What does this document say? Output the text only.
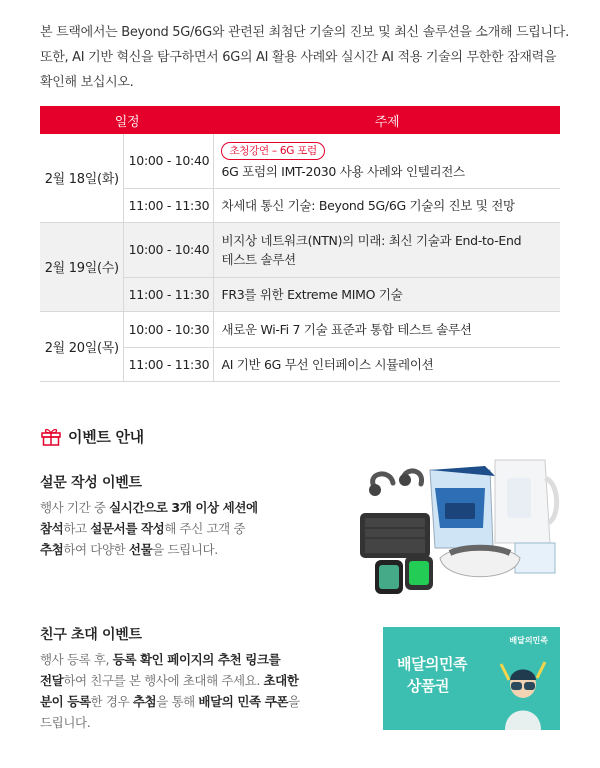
본 트랙에서는 Beyond 5G/6G와 관련된 최첨단 기술의 진보 및 최신 솔루션을 소개해 드립니다.
또한, AI 기반 혁신을 탐구하면서 6G의 AI 활용 사례와 실시간 AI 적용 기술의 무한한 잠재력을
확인해 보십시오.
일정		주제
2월 18일(화)	10:00 - 10:40	초청강연 – 6G 포럼
6G 포럼의 IMT-2030 사용 사례와 인텔리전스
	11:00 - 11:30	차세대 통신 기술: Beyond 5G/6G 기술의 진보 및 전망
2월 19일(수)	10:00 - 10:40	비지상 네트워크(NTN)의 미래: 최신 기술과 End-to-End
테스트 솔루션
	11:00 - 11:30	FR3를 위한 Extreme MIMO 기술
2월 20일(목)	10:00 - 10:30	새로운 Wi-Fi 7 기술 표준과 통합 테스트 솔루션
	11:00 - 11:30	AI 기반 6G 무선 인터페이스 시뮬레이션
이벤트 안내
설문 작성 이벤트
행사 기간 중 실시간으로 3개 이상 세션에
참석하고 설문서를 작성해 주신 고객 중
추첨하여 다양한 선물을 드립니다.
친구 초대 이벤트
행사 등록 후, 등록 확인 페이지의 추천 링크를
전달하여 친구를 본 행사에 초대해 주세요. 초대한
분이 등록한 경우 추첨을 통해 배달의 민족 쿠폰을
드립니다.
배달의민족
배달의민족
상품권
